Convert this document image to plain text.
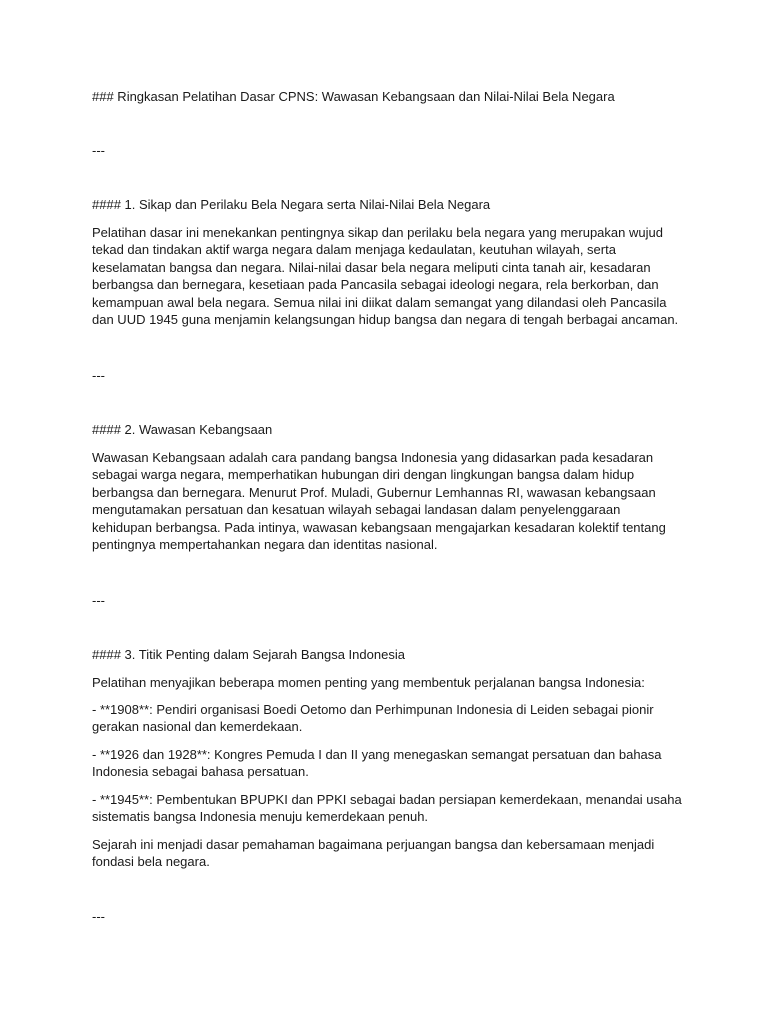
### Ringkasan Pelatihan Dasar CPNS: Wawasan Kebangsaan dan Nilai-Nilai Bela Negara

---

#### 1. Sikap dan Perilaku Bela Negara serta Nilai-Nilai Bela Negara

Pelatihan dasar ini menekankan pentingnya sikap dan perilaku bela negara yang merupakan wujud
tekad dan tindakan aktif warga negara dalam menjaga kedaulatan, keutuhan wilayah, serta
keselamatan bangsa dan negara. Nilai-nilai dasar bela negara meliputi cinta tanah air, kesadaran
berbangsa dan bernegara, kesetiaan pada Pancasila sebagai ideologi negara, rela berkorban, dan
kemampuan awal bela negara. Semua nilai ini diikat dalam semangat yang dilandasi oleh Pancasila
dan UUD 1945 guna menjamin kelangsungan hidup bangsa dan negara di tengah berbagai ancaman.

---

#### 2. Wawasan Kebangsaan

Wawasan Kebangsaan adalah cara pandang bangsa Indonesia yang didasarkan pada kesadaran
sebagai warga negara, memperhatikan hubungan diri dengan lingkungan bangsa dalam hidup
berbangsa dan bernegara. Menurut Prof. Muladi, Gubernur Lemhannas RI, wawasan kebangsaan
mengutamakan persatuan dan kesatuan wilayah sebagai landasan dalam penyelenggaraan
kehidupan berbangsa. Pada intinya, wawasan kebangsaan mengajarkan kesadaran kolektif tentang
pentingnya mempertahankan negara dan identitas nasional.

---

#### 3. Titik Penting dalam Sejarah Bangsa Indonesia

Pelatihan menyajikan beberapa momen penting yang membentuk perjalanan bangsa Indonesia:

- **1908**: Pendiri organisasi Boedi Oetomo dan Perhimpunan Indonesia di Leiden sebagai pionir
gerakan nasional dan kemerdekaan.
- **1926 dan 1928**: Kongres Pemuda I dan II yang menegaskan semangat persatuan dan bahasa
Indonesia sebagai bahasa persatuan.
- **1945**: Pembentukan BPUPKI dan PPKI sebagai badan persiapan kemerdekaan, menandai usaha
sistematis bangsa Indonesia menuju kemerdekaan penuh.
Sejarah ini menjadi dasar pemahaman bagaimana perjuangan bangsa dan kebersamaan menjadi
fondasi bela negara.

---
